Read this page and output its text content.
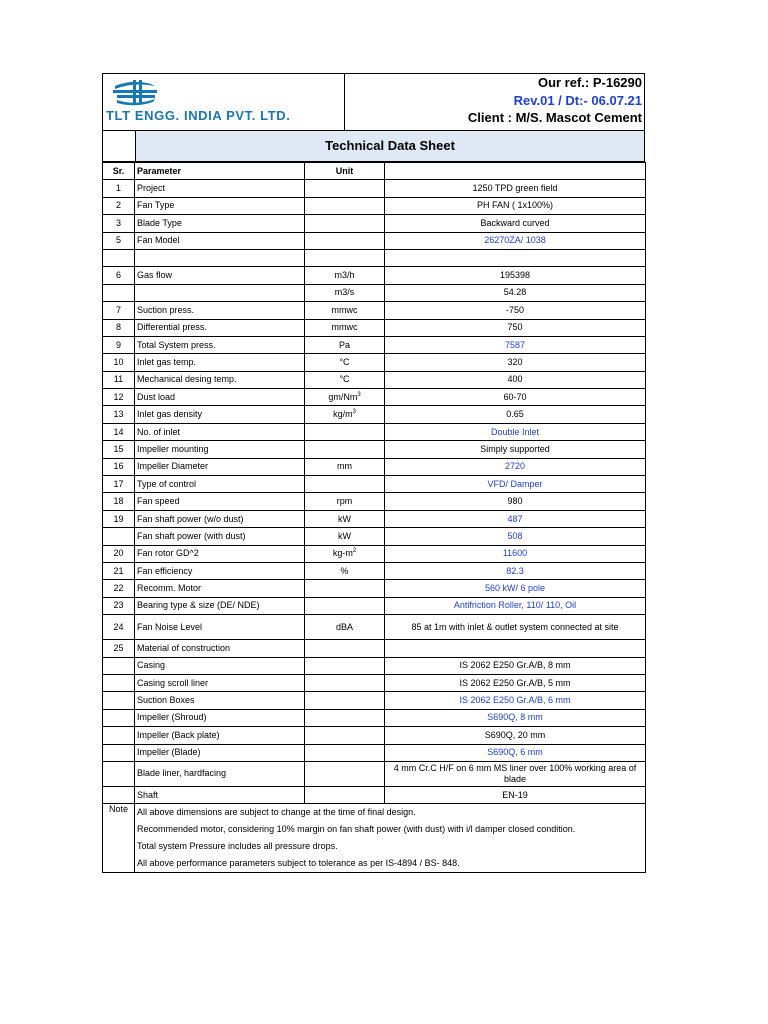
TLT ENGG. INDIA PVT. LTD.
Our ref.: P-16290
Rev.01 / Dt:- 06.07.21
Client : M/S. Mascot Cement
Technical Data Sheet
Sr.	Parameter	Unit	
1	Project		1250 TPD green field
2	Fan Type		PH FAN ( 1x100%)
3	Blade Type		Backward curved
5	Fan Model		26270ZA/ 1038

6	Gas flow	m3/h	195398
		m3/s	54.28
7	Suction press.	mmwc	-750
8	Differential press.	mmwc	750
9	Total System press.	Pa	7587
10	Inlet gas temp.	°C	320
11	Mechanical desing temp.	°C	400
12	Dust load	gm/Nm$^3$	60-70
13	Inlet gas density	$kg/m^3$	0.65
14	No. of inlet		Double Inlet
15	Impeller mounting		Simply supported
16	Impeller Diameter	mm	2720
17	Type of control		VFD/ Damper
18	Fan speed	rpm	980
19	Fan shaft power (w/o dust)	kW	487
	Fan shaft power (with dust)	kW	508
20	Fan rotor GD^2	$kg-m^2$	11600
21	Fan efficiency	%	82.3
22	Recomm. Motor		560 kW/ 6 pole
23	Bearing type & size (DE/ NDE)		Antifriction Roller, 110/ 110, Oil
24	Fan Noise Level	dBA	85 at 1m with inlet & outlet system connected at site
25	Material of construction		
	Casing		IS 2062 E250 Gr.A/B, 8 mm
	Casing scroll liner		IS 2062 E250 Gr.A/B, 5 mm
	Suction Boxes		IS 2062 E250 Gr.A/B, 6 mm
	Impeller (Shroud)		S690Q, 8 mm
	Impeller (Back plate)		S690Q, 20 mm
	Impeller (Blade)		S690Q, 6 mm
	Blade liner, hardfacing		4 mm Cr.C H/F on 6 mm MS liner over 100% working area of blade
	Shaft		EN-19
Note	All above dimensions are subject to change at the time of final design.		
	Recommended motor, considering 10% margin on fan shaft power (with dust) with i/l damper closed condition.		
	Total system Pressure includes all pressure drops.		
	All above performance parameters subject to tolerance as per IS-4894 / BS- 848.		
